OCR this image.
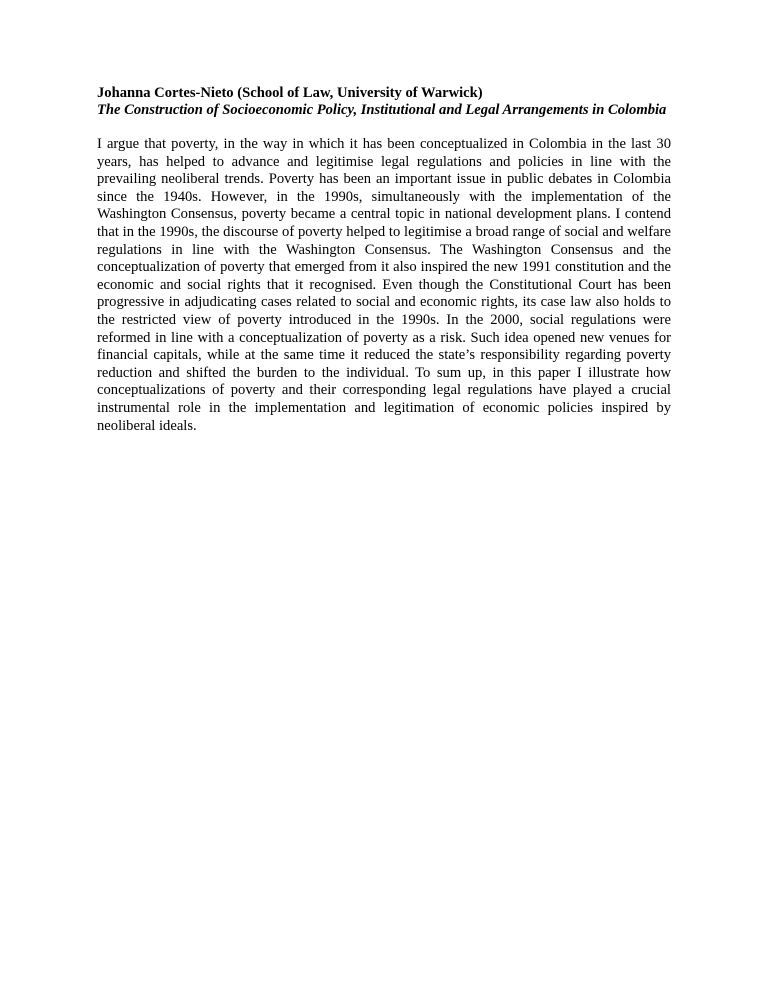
Johanna Cortes-Nieto (School of Law, University of Warwick)

The Construction of Socioeconomic Policy, Institutional and Legal Arrangements in Colombia

I argue that poverty, in the way in which it has been conceptualized in Colombia in the last 30 years, has helped to advance and legitimise legal regulations and policies in line with the prevailing neoliberal trends. Poverty has been an important issue in public debates in Colombia since the 1940s. However, in the 1990s, simultaneously with the implementation of the Washington Consensus, poverty became a central topic in national development plans. I contend that in the 1990s, the discourse of poverty helped to legitimise a broad range of social and welfare regulations in line with the Washington Consensus. The Washington Consensus and the conceptualization of poverty that emerged from it also inspired the new 1991 constitution and the economic and social rights that it recognised. Even though the Constitutional Court has been progressive in adjudicating cases related to social and economic rights, its case law also holds to the restricted view of poverty introduced in the 1990s. In the 2000, social regulations were reformed in line with a conceptualization of poverty as a risk. Such idea opened new venues for financial capitals, while at the same time it reduced the state’s responsibility regarding poverty reduction and shifted the burden to the individual. To sum up, in this paper I illustrate how conceptualizations of poverty and their corresponding legal regulations have played a crucial instrumental role in the implementation and legitimation of economic policies inspired by neoliberal ideals.
